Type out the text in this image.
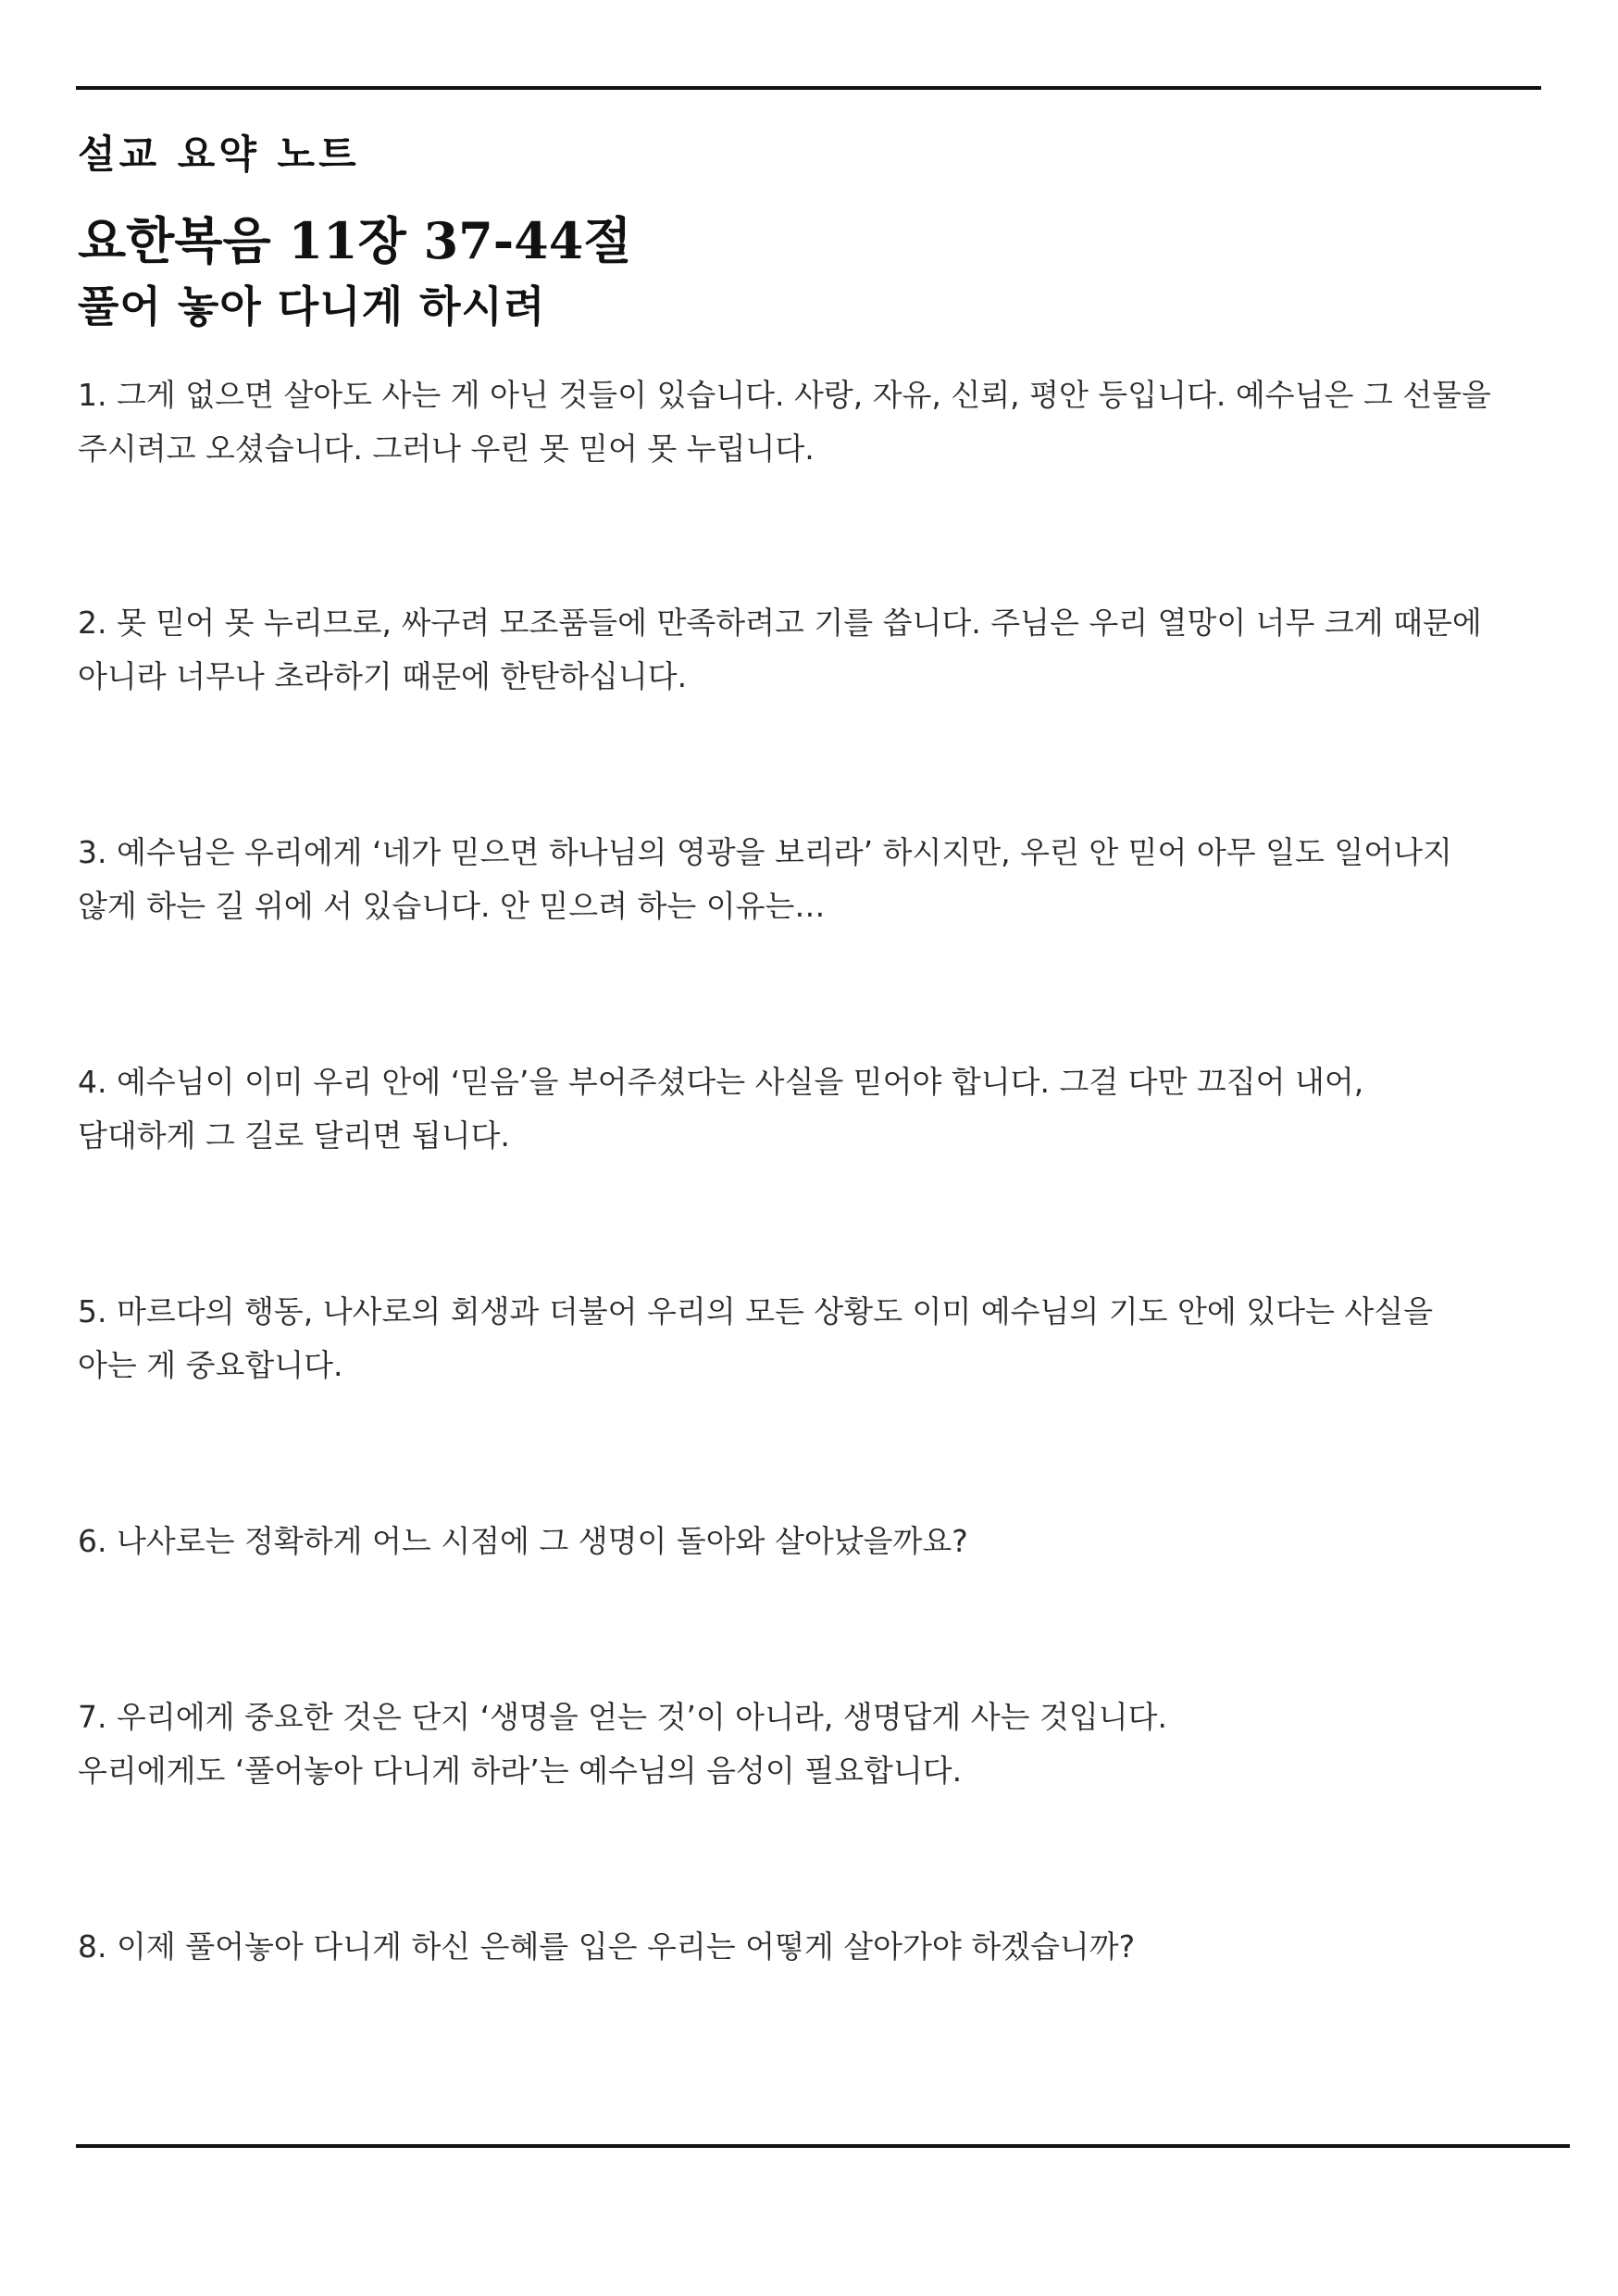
설교 요약 노트
요한복음 11장 37-44절
풀어 놓아 다니게 하시려

1. 그게 없으면 살아도 사는 게 아닌 것들이 있습니다. 사랑, 자유, 신뢰, 평안 등입니다. 예수님은 그 선물을
주시려고 오셨습니다. 그러나 우린 못 믿어 못 누립니다.

2. 못 믿어 못 누리므로, 싸구려 모조품들에 만족하려고 기를 씁니다. 주님은 우리 열망이 너무 크게 때문에
아니라 너무나 초라하기 때문에 한탄하십니다.

3. 예수님은 우리에게 ‘네가 믿으면 하나님의 영광을 보리라’ 하시지만, 우린 안 믿어 아무 일도 일어나지
않게 하는 길 위에 서 있습니다. 안 믿으려 하는 이유는…

4. 예수님이 이미 우리 안에 ‘믿음’을 부어주셨다는 사실을 믿어야 합니다. 그걸 다만 끄집어 내어,
담대하게 그 길로 달리면 됩니다.

5. 마르다의 행동, 나사로의 회생과 더불어 우리의 모든 상황도 이미 예수님의 기도 안에 있다는 사실을
아는 게 중요합니다.

6. 나사로는 정확하게 어느 시점에 그 생명이 돌아와 살아났을까요?

7. 우리에게 중요한 것은 단지 ‘생명을 얻는 것’이 아니라, 생명답게 사는 것입니다.
우리에게도 ‘풀어놓아 다니게 하라’는 예수님의 음성이 필요합니다.

8. 이제 풀어놓아 다니게 하신 은혜를 입은 우리는 어떻게 살아가야 하겠습니까?
